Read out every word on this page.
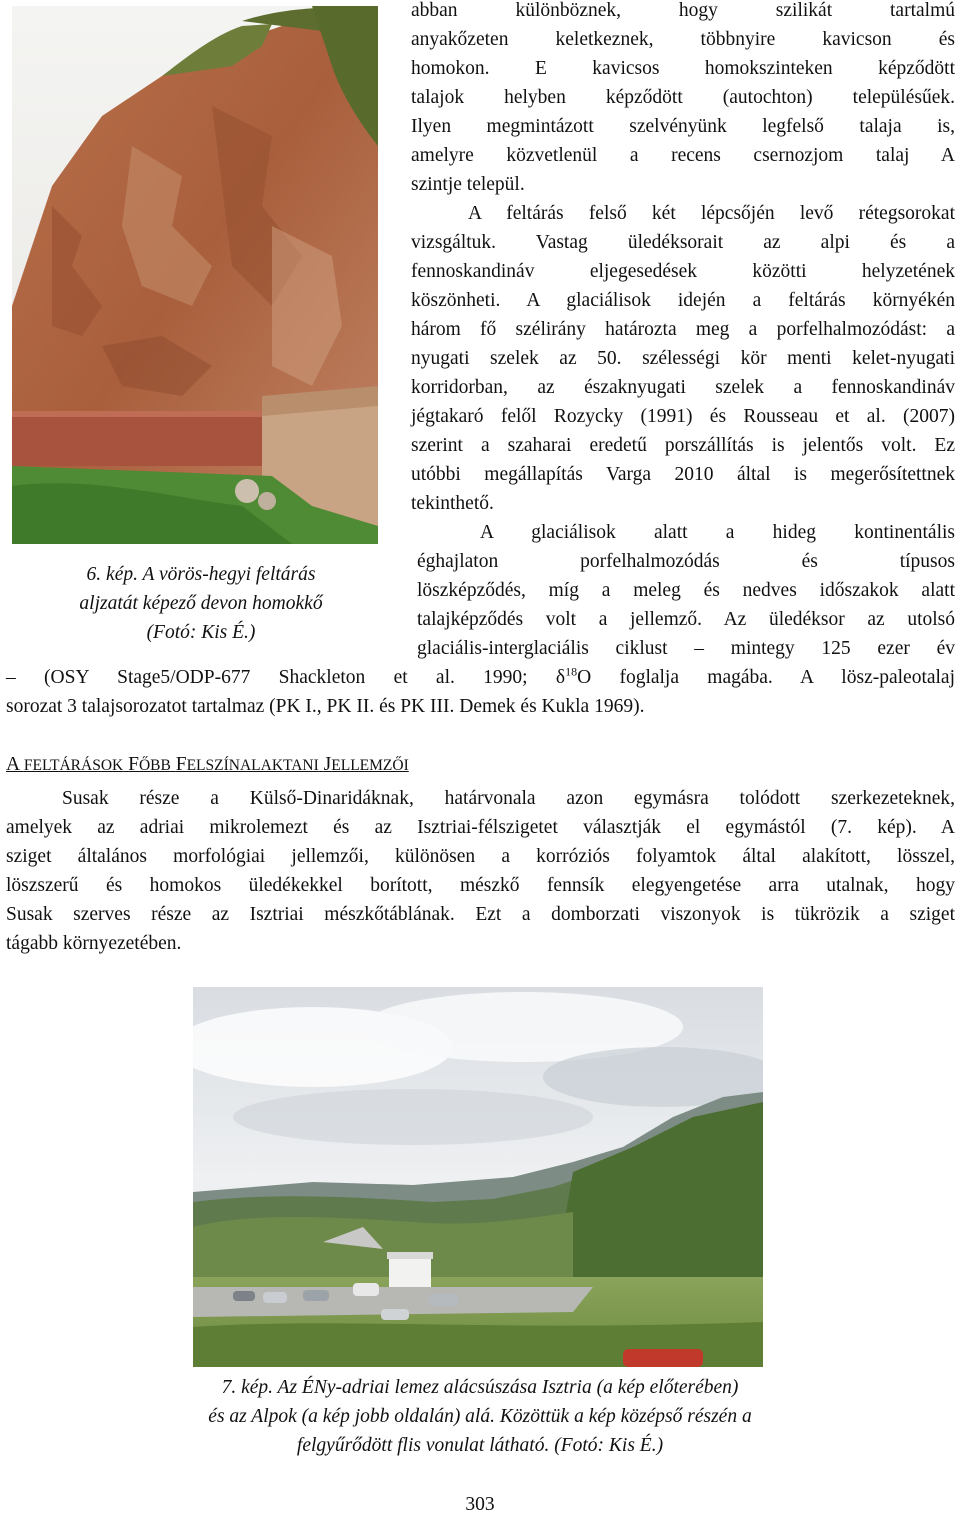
abban különböznek, hogy szilikát tartalmú
anyakőzeten keletkeznek, többnyire kavicson és
homokon. E kavicsos homokszinteken képződött
talajok helyben képződött (autochton) településűek.
Ilyen megmintázott szelvényünk legfelső talaja is,
amelyre közvetlenül a recens csernozjom talaj A
szintje települ.
A feltárás felső két lépcsőjén levő rétegsorokat
vizsgáltuk. Vastag üledéksorait az alpi és a
fennoskandináv eljegesedések közötti helyzetének
köszönheti. A glaciálisok idején a feltárás környékén
három fő szélirány határozta meg a porfelhalmozódást: a
nyugati szelek az 50. szélességi kör menti kelet-nyugati
korridorban, az északnyugati szelek a fennoskandináv
jégtakaró felől Rozycky (1991) és Rousseau et al. (2007)
szerint a szaharai eredetű porszállítás is jelentős volt. Ez
utóbbi megállapítás Varga 2010 által is megerősítettnek
tekinthető.
A glaciálisok alatt a hideg kontinentális
éghajlaton porfelhalmozódás és típusos
löszképződés, míg a meleg és nedves időszakok alatt
talajképződés volt a jellemző. Az üledéksor az utolsó
glaciális-interglaciális ciklust – mintegy 125 ezer év
6. kép. A vörös-hegyi feltárás
aljzatát képező devon homokkő
(Fotó: Kis É.)
– (OSY Stage5/ODP-677 Shackleton et al. 1990; $\delta^{18}O$ foglalja magába. A lösz-paleotalaj
sorozat 3 talajsorozatot tartalmaz (PK I., PK II. és PK III. Demek és Kukla 1969).
A FELTÁRÁSOK FŐBB FELSZÍNALAKTANI JELLEMZŐI
Susak része a Külső-Dinaridáknak, határvonala azon egymásra tolódott szerkezeteknek,
amelyek az adriai mikrolemezt és az Isztriai-félszigetet választják el egymástól (7. kép). A
sziget általános morfológiai jellemzői, különösen a korróziós folyamtok által alakított, lösszel,
löszszerű és homokos üledékekkel borított, mészkő fennsík elegyengetése arra utalnak, hogy
Susak szerves része az Isztriai mészkőtáblának. Ezt a domborzati viszonyok is tükrözik a sziget
tágabb környezetében.
7. kép. Az ÉNy-adriai lemez alácsúszása Isztria (a kép előterében)
és az Alpok (a kép jobb oldalán) alá. Közöttük a kép középső részén a
felgyűrődött flis vonulat látható. (Fotó: Kis É.)
303
